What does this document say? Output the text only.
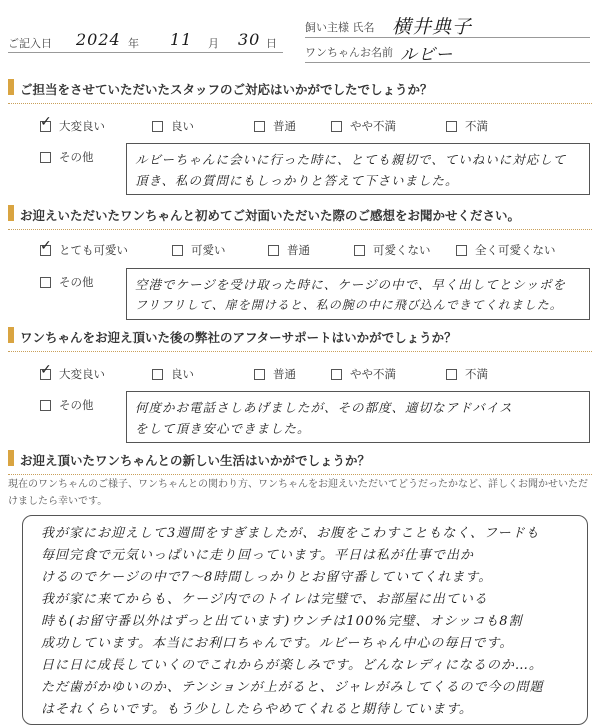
ご記入日 2024 年 11 月 30 日
飼い主様 氏名 横井典子
ワンちゃんお名前 ルビー
ご担当をさせていただいたスタッフのご対応はいかがでしたでしょうか？
✓
大変良い	良い	普通	やや不満	不満
その他	ルビーちゃんに会いに行った時に、とても親切で、ていねいに対応して
頂き、私の質問にもしっかりと答えて下さいました。
お迎えいただいたワンちゃんと初めてご対面いただいた際のご感想をお聞かせください。
✓
とても可愛い	可愛い	普通	可愛くない	全く可愛くない
その他	空港でケージを受け取った時に、ケージの中で、早く出してとシッポを
フリフリして、扉を開けると、私の腕の中に飛び込んできてくれました。
ワンちゃんをお迎え頂いた後の弊社のアフターサポートはいかがでしょうか？
✓
大変良い	良い	普通	やや不満	不満
その他	何度かお電話さしあげましたが、その都度、適切なアドバイス
をして頂き安心できました。
お迎え頂いたワンちゃんとの新しい生活はいかがでしょうか？
現在のワンちゃんのご様子、ワンちゃんとの関わり方、ワンちゃんをお迎えいただいてどうだったかなど、詳しくお聞かせいただけましたら幸いです。
我が家にお迎えして3週間をすぎましたが、お腹をこわすこともなく、フードも
毎回完食で元気いっぱいに走り回っています。平日は私が仕事で出か
けるのでケージの中で7〜8時間しっかりとお留守番していてくれます。
我が家に来てからも、ケージ内でのトイレは完璧で、お部屋に出ている
時も(お留守番以外はずっと出ています)ウンチは100%完璧、オシッコも8割
成功しています。本当にお利口ちゃんです。ルビーちゃん中心の毎日です。
日に日に成長していくのでこれからが楽しみです。どんなレディになるのか…。
ただ歯がかゆいのか、テンションが上がると、ジャレがみしてくるので今の問題
はそれくらいです。もう少ししたらやめてくれると期待しています。
